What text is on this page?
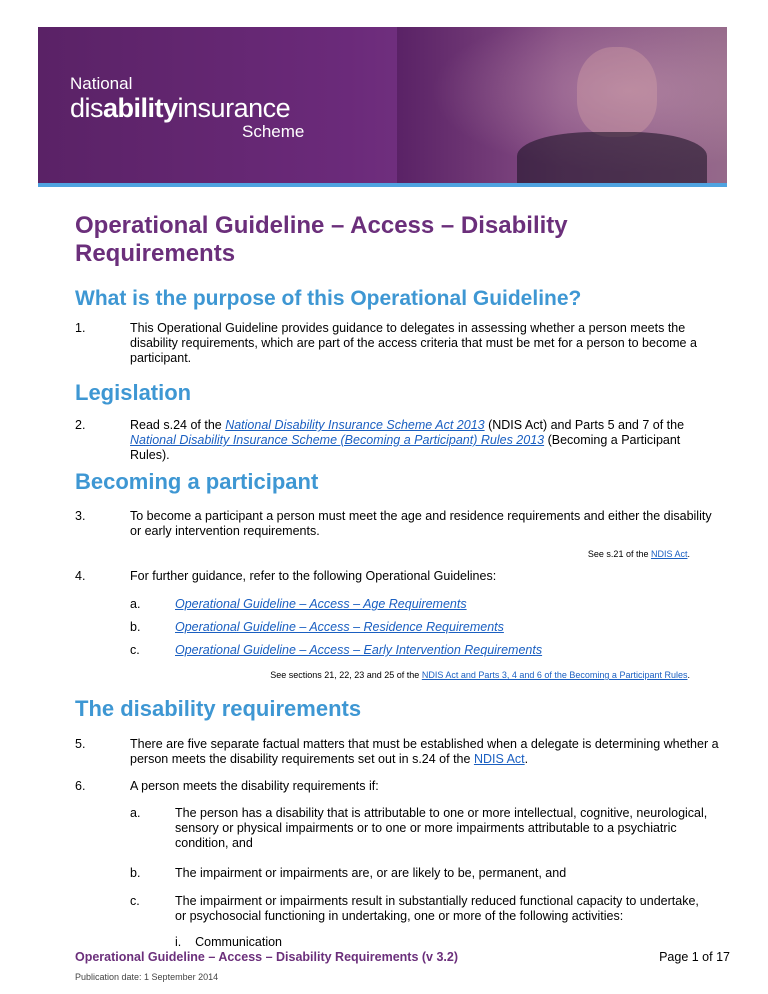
National
disabilityinsurance
Scheme
Operational Guideline – Access – Disability Requirements
What is the purpose of this Operational Guideline?
1.	This Operational Guideline provides guidance to delegates in assessing whether a person meets the disability requirements, which are part of the access criteria that must be met for a person to become a participant.
Legislation
2.	Read s.24 of the National Disability Insurance Scheme Act 2013 (NDIS Act) and Parts 5 and 7 of the National Disability Insurance Scheme (Becoming a Participant) Rules 2013 (Becoming a Participant Rules).
Becoming a participant
3.	To become a participant a person must meet the age and residence requirements and either the disability or early intervention requirements.
See s.21 of the NDIS Act.
4.	For further guidance, refer to the following Operational Guidelines:
a.	Operational Guideline – Access – Age Requirements
b.	Operational Guideline – Access – Residence Requirements
c.	Operational Guideline – Access – Early Intervention Requirements
See sections 21, 22, 23 and 25 of the NDIS Act and Parts 3, 4 and 6 of the Becoming a Participant Rules.
The disability requirements
5.	There are five separate factual matters that must be established when a delegate is determining whether a person meets the disability requirements set out in s.24 of the NDIS Act.
6.	A person meets the disability requirements if:
a.	The person has a disability that is attributable to one or more intellectual, cognitive, neurological, sensory or physical impairments or to one or more impairments attributable to a psychiatric condition, and
b.	The impairment or impairments are, or are likely to be, permanent, and
c.	The impairment or impairments result in substantially reduced functional capacity to undertake, or psychosocial functioning in undertaking, one or more of the following activities:
i. Communication
Operational Guideline – Access – Disability Requirements (v 3.2)	Page 1 of 17
Publication date: 1 September 2014
